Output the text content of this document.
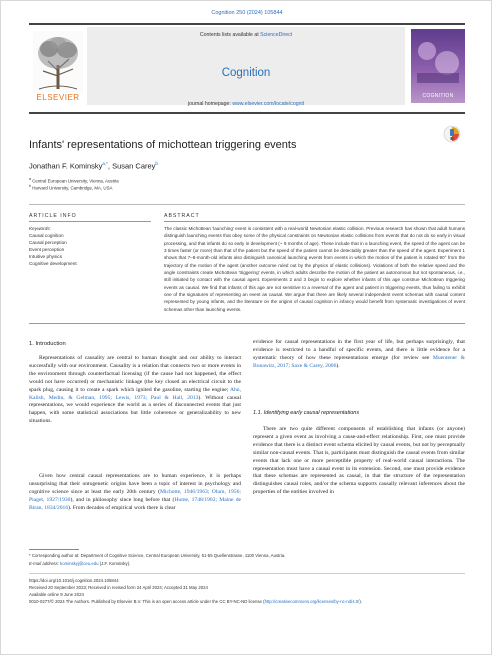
Cognition 250 (2024) 105844
ELSEVIER
Contents lists available at ScienceDirect
Cognition
journal homepage: www.elsevier.com/locate/cognit
COGNITION
Infants' representations of michottean triggering events
Jonathan F. Kominsky$^{a,*}$, Susan Carey$^b$
$^a$ Central European University, Vienna, Austria
$^b$ Harvard University, Cambridge, MA, USA
ARTICLE INFO	ABSTRACT
Keywords:
Causal cognition
Causal perception
Event perception
Intuitive physics
Cognitive development
The classic Michottean 'launching' event is consistent with a real-world Newtonian elastic collision. Previous research has shown that adult humans distinguish launching events that obey some of the physical constraints on Newtonian elastic collisions from events that do not do so early in visual processing, and that infants do so early in development (~ 9 months of age). These include that in a launching event, the speed of the agent can be 3 times faster (or more) than that of the patient but the speed of the patient cannot be detectably greater than the speed of the agent. Experiment 1 shows that 7–8-month-old infants also distinguish canonical launching events from events in which the motion of the patient is rotated 90° from the trajectory of the motion of the agent (another outcome ruled out by the physics of elastic collisions). Violations of both the relative speed and the angle constraints create Michottean 'triggering' events, in which adults describe the motion of the patient as autonomous but not spontaneous, i.e., still initiated by contact with the causal agent. Experiments 2 and 3 begin to explore whether infants of this age construe Michottean triggering events as causal. We find that infants of this age are not sensitive to a reversal of the agent and patient in triggering events, thus failing to exhibit one of the signatures of representing an event as causal. We argue that there are likely several independent event schemas with causal content represented by young infants, and the literature on the origins of causal cognition in infancy would benefit from systematic investigations of event schemas other than launching events.
1. Introduction
Representations of causality are central to human thought and our ability to interact successfully with our environment. Causality is a relation that connects two or more events in the environment through counterfactual licensing (if the cause had not happened, the effect would not have occurred) or mechanistic linkage (the key closed an electrical circuit to the spark plug, causing it to create a spark which ignited the gasoline, starting the engine; Ahn, Kalish, Medin, & Gelman, 1995; Lewis, 1973; Paul & Hall, 2013). Without causal representations, we would experience the world as a series of disconnected events that just happen, with some statistical associations but little coherence or generalizability to new situations.
Given how central causal representations are to human experience, it is perhaps unsurprising that their ontogenetic origins have been a topic of interest in psychology and cognitive science since at least the early 20th century (Michotte, 1946/1963; Olum, 1956; Piaget, 1927/1930), and in philosophy since long before that (Hume, 1748/1902; Maine de Biran, 1834/2016). From decades of empirical work there is clear
evidence for causal representations in the first year of life, but perhaps surprisingly, that evidence is restricted to a handful of specific events, and there is little evidence for a systematic theory of how these representations emerge (for review see Muentener & Bonawitz, 2017; Saxe & Carey, 2006).
1.1. Identifying early causal representations
There are two quite different components of establishing that infants (or anyone) represent a given event as involving a cause-and-effect relationship. First, one must provide evidence that there is a distinct event schema elicited by causal events, but not by perceptually similar non-causal events. That is, participants must distinguish the causal events from similar events that lack one or more perceptible property of real-world causal interactions. The representation must have a causal event in its extension. Second, one must provide evidence that these schemas are represented as causal, in that the structure of the representation distinguishes causal roles, and/or the schema supports causally relevant inferences about the properties of the entities involved in
* Corresponding author at: Department of Cognitive Science, Central European University, 51-55 Quellenstrasse, 1100 Vienna, Austria.
E-mail address: kominskyj@ceu.edu (J.F. Kominsky).
https://doi.org/10.1016/j.cognition.2024.105844
Received 20 September 2023; Received in revised form 24 April 2024; Accepted 31 May 2024
Available online 9 June 2024
0010-0277/© 2024 The Authors. Published by Elsevier B.V. This is an open access article under the CC BY-NC-ND license (http://creativecommons.org/licenses/by-nc-nd/4.0/).
